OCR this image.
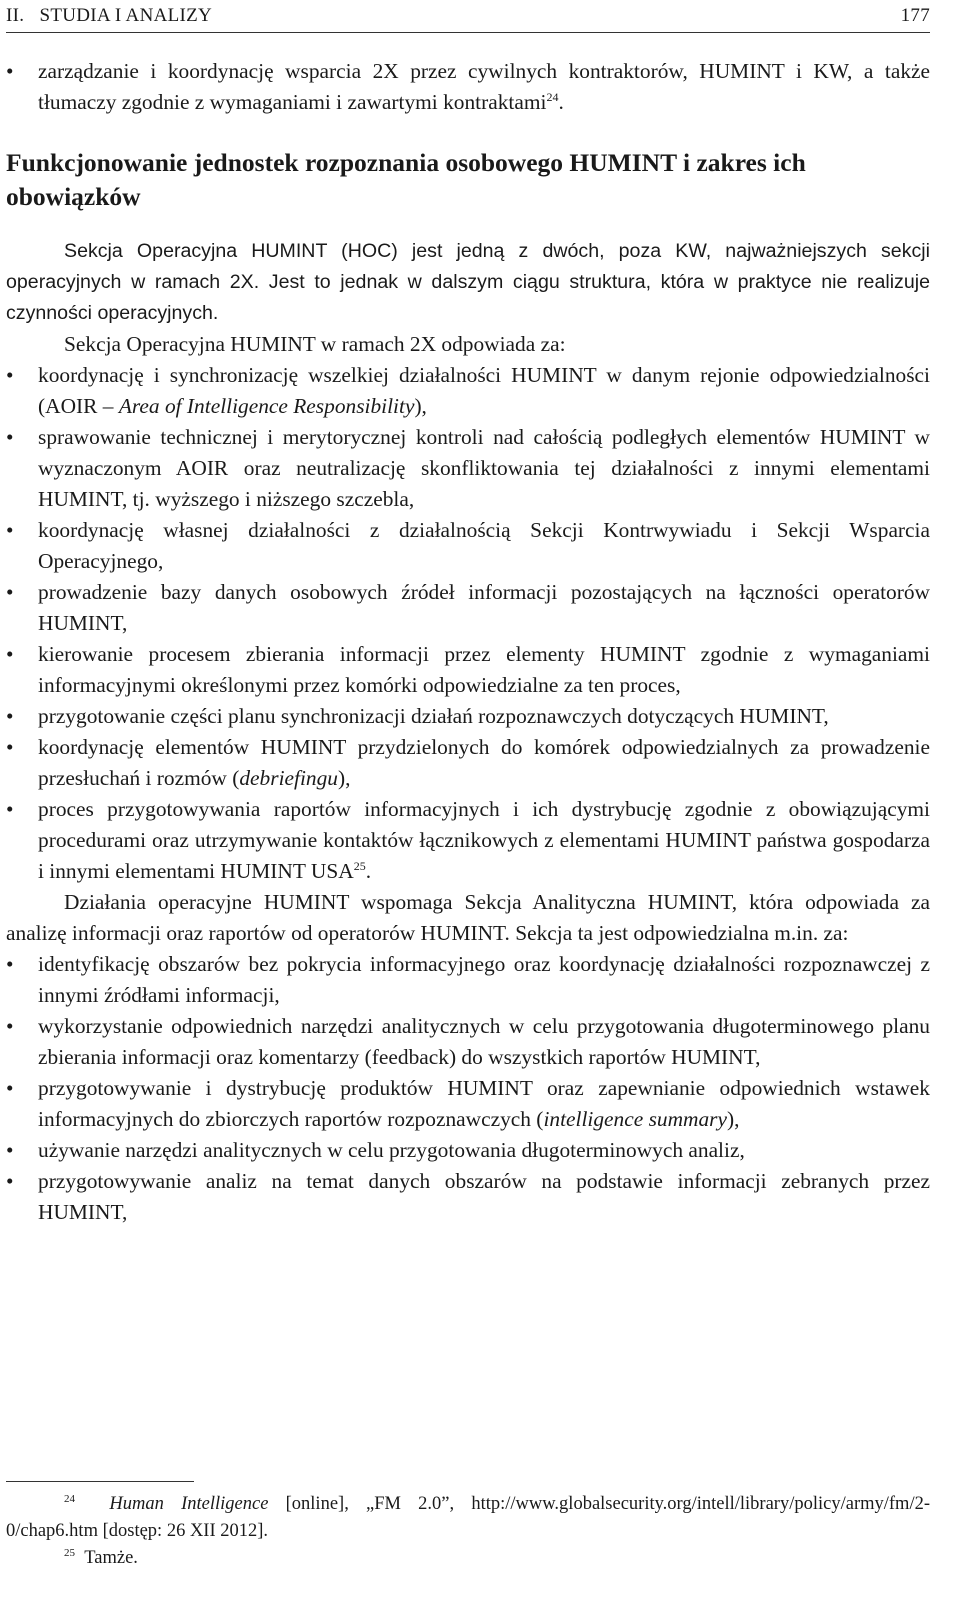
II.   STUDIA I ANALIZY	177
• zarządzanie i koordynację wsparcia 2X przez cywilnych kontraktorów, HUMINT i KW, a także tłumaczy zgodnie z wymaganiami i zawartymi kontraktami$^{24}$.
Funkcjonowanie jednostek rozpoznania osobowego HUMINT i zakres ich obowiązków

Sekcja Operacyjna HUMINT (HOC) jest jedną z dwóch, poza KW, najważniejszych sekcji operacyjnych w ramach 2X. Jest to jednak w dalszym ciągu struktura, która w praktyce nie realizuje czynności operacyjnych.

Sekcja Operacyjna HUMINT w ramach 2X odpowiada za:

• koordynację i synchronizację wszelkiej działalności HUMINT w danym rejonie odpowiedzialności (AOIR – Area of Intelligence Responsibility),
• sprawowanie technicznej i merytorycznej kontroli nad całością podległych elementów HUMINT w wyznaczonym AOIR oraz neutralizację skonfliktowania tej działalności z innymi elementami HUMINT, tj. wyższego i niższego szczebla,
• koordynację własnej działalności z działalnością Sekcji Kontrwywiadu i Sekcji Wsparcia Operacyjnego,
• prowadzenie bazy danych osobowych źródeł informacji pozostających na łączności operatorów HUMINT,
• kierowanie procesem zbierania informacji przez elementy HUMINT zgodnie z wymaganiami informacyjnymi określonymi przez komórki odpowiedzialne za ten proces,
• przygotowanie części planu synchronizacji działań rozpoznawczych dotyczących HUMINT,
• koordynację elementów HUMINT przydzielonych do komórek odpowiedzialnych za prowadzenie przesłuchań i rozmów (debriefingu),
• proces przygotowywania raportów informacyjnych i ich dystrybucję zgodnie z obowiązującymi procedurami oraz utrzymywanie kontaktów łącznikowych z elementami HUMINT państwa gospodarza i innymi elementami HUMINT USA$^{25}$.

Działania operacyjne HUMINT wspomaga Sekcja Analityczna HUMINT, która odpowiada za analizę informacji oraz raportów od operatorów HUMINT. Sekcja ta jest odpowiedzialna m.in. za:

• identyfikację obszarów bez pokrycia informacyjnego oraz koordynację działalności rozpoznawczej z innymi źródłami informacji,
• wykorzystanie odpowiednich narzędzi analitycznych w celu przygotowania długoterminowego planu zbierania informacji oraz komentarzy (feedback) do wszystkich raportów HUMINT,
• przygotowywanie i dystrybucję produktów HUMINT oraz zapewnianie odpowiednich wstawek informacyjnych do zbiorczych raportów rozpoznawczych (intelligence summary),
• używanie narzędzi analitycznych w celu przygotowania długoterminowych analiz,
• przygotowywanie analiz na temat danych obszarów na podstawie informacji zebranych przez HUMINT,

$^{24}$ Human Intelligence [online], „FM 2.0”, http://www.globalsecurity.org/intell/library/policy/army/fm/2-0/chap6.htm [dostęp: 26 XII 2012].

$^{25}$ Tamże.
